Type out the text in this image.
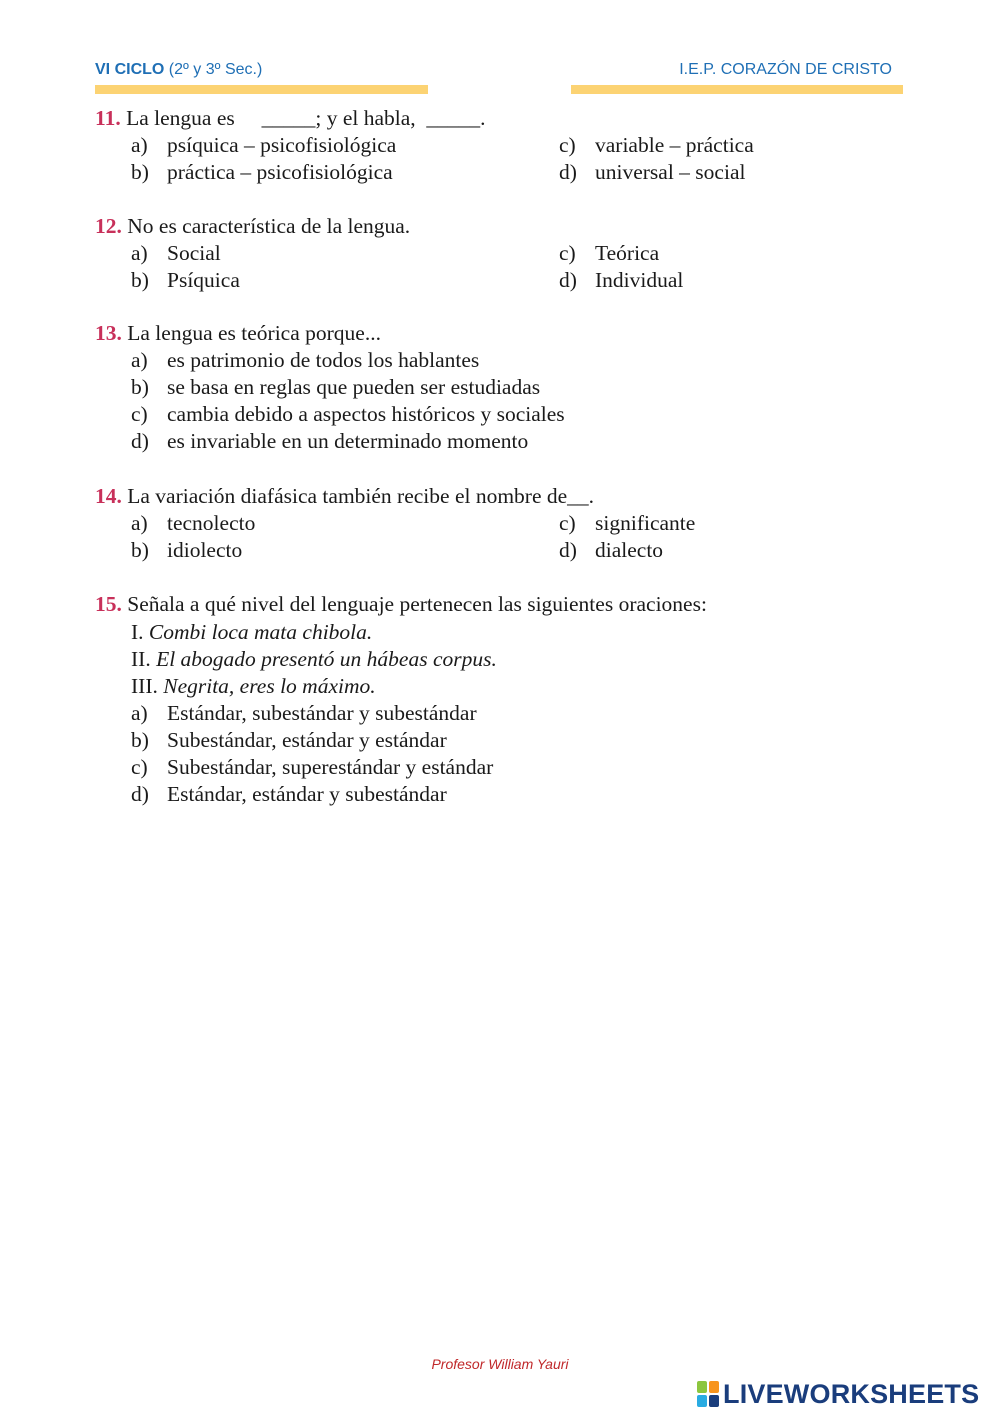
VI CICLO (2º y 3º Sec.)	I.E.P. CORAZÓN DE CRISTO
11. La lengua es     _____; y el habla,  _____.
a) psíquica – psicofisiológica
b) práctica – psicofisiológica
c) variable – práctica
d) universal – social
12. No es característica de la lengua.
a) Social
b) Psíquica
c) Teórica
d) Individual
13. La lengua es teórica porque...
a) es patrimonio de todos los hablantes
b) se basa en reglas que pueden ser estudiadas
c) cambia debido a aspectos históricos y sociales
d) es invariable en un determinado momento
14. La variación diafásica también recibe el nombre de__.
a) tecnolecto
b) idiolecto
c) significante
d) dialecto
15. Señala a qué nivel del lenguaje pertenecen las siguientes oraciones:
I. Combi loca mata chibola.
II. El abogado presentó un hábeas corpus.
III. Negrita, eres lo máximo.
a) Estándar, subestándar y subestándar
b) Subestándar, estándar y estándar
c) Subestándar, superestándar y estándar
d) Estándar, estándar y subestándar
Profesor William Yauri
LIVEWORKSHEETS
